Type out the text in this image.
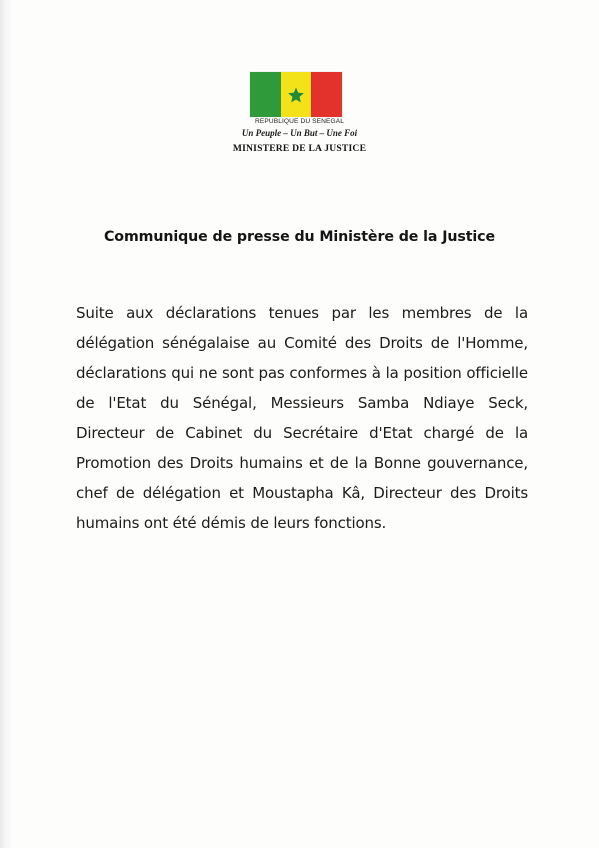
REPUBLIQUE DU SENEGAL
Un Peuple – Un But – Une Foi
MINISTERE DE LA JUSTICE
Communique de presse du Ministère de la Justice

Suite aux déclarations tenues par les membres de la délégation sénégalaise au Comité des Droits de l'Homme, déclarations qui ne sont pas conformes à la position officielle de l'Etat du Sénégal, Messieurs Samba Ndiaye Seck, Directeur de Cabinet du Secrétaire d'Etat chargé de la Promotion des Droits humains et de la Bonne gouvernance, chef de délégation et Moustapha Kâ, Directeur des Droits humains ont été démis de leurs fonctions.
